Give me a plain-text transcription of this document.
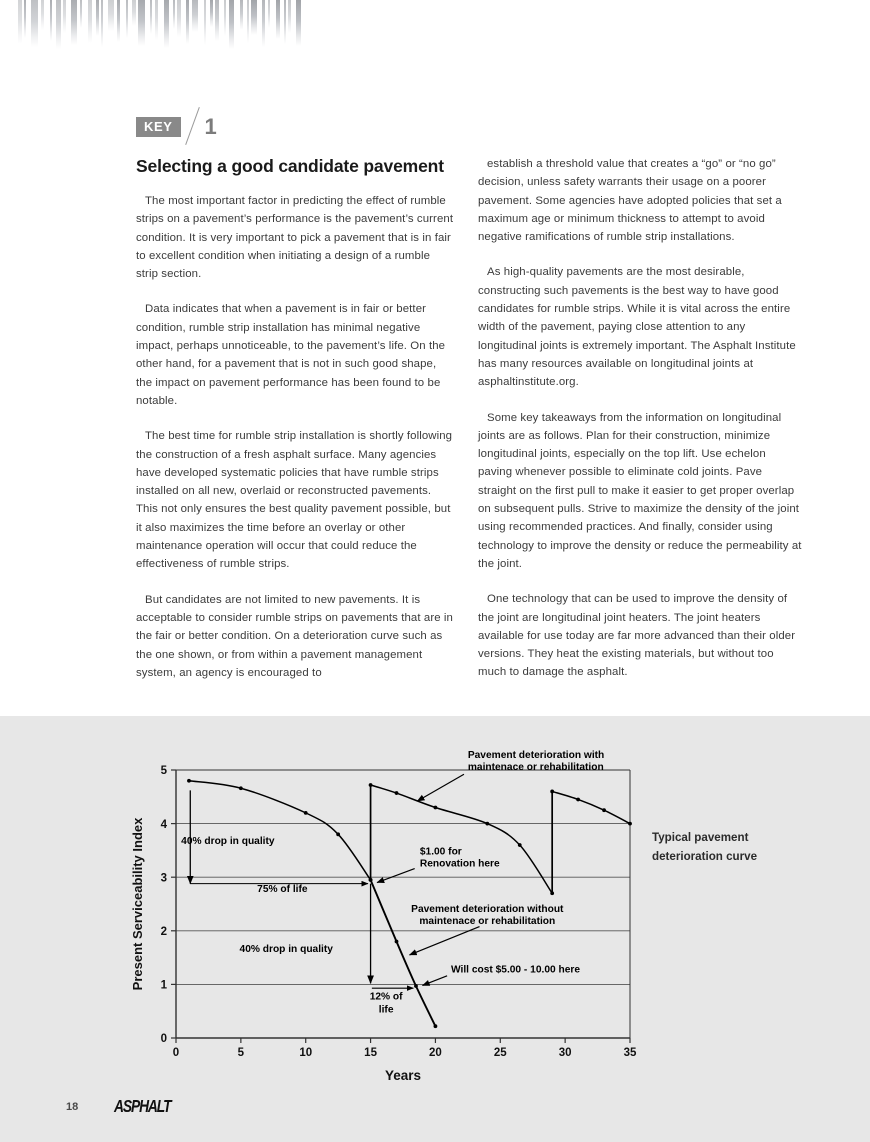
KEY	1
Selecting a good candidate pavement

The most important factor in predicting the effect of rumble strips on a pavement’s performance is the pavement’s current condition. It is very important to pick a pavement that is in fair to excellent condition when initiating a design of a rumble strip section.

Data indicates that when a pavement is in fair or better condition, rumble strip installation has minimal negative impact, perhaps unnoticeable, to the pavement’s life. On the other hand, for a pavement that is not in such good shape, the impact on pavement performance has been found to be notable.

The best time for rumble strip installation is shortly following the construction of a fresh asphalt surface. Many agencies have developed systematic policies that have rumble strips installed on all new, overlaid or reconstructed pavements. This not only ensures the best quality pavement possible, but it also maximizes the time before an overlay or other maintenance operation will occur that could reduce the effectiveness of rumble strips.

But candidates are not limited to new pavements. It is acceptable to consider rumble strips on pavements that are in the fair or better condition. On a deterioration curve such as the one shown, or from within a pavement management system, an agency is encouraged to

establish a threshold value that creates a “go” or “no go” decision, unless safety warrants their usage on a poorer pavement. Some agencies have adopted policies that set a maximum age or minimum thickness to attempt to avoid negative ramifications of rumble strip installations.

As high-quality pavements are the most desirable, constructing such pavements is the best way to have good candidates for rumble strips. While it is vital across the entire width of the pavement, paying close attention to any longitudinal joints is extremely important. The Asphalt Institute has many resources available on longitudinal joints at asphaltinstitute.org.

Some key takeaways from the information on longitudinal joints are as follows. Plan for their construction, minimize longitudinal joints, especially on the top lift. Use echelon paving whenever possible to eliminate cold joints. Pave straight on the first pull to make it easier to get proper overlap on subsequent pulls. Strive to maximize the density of the joint using recommended practices. And finally, consider using technology to improve the density or reduce the permeability at the joint.

One technology that can be used to improve the density of the joint are longitudinal joint heaters. The joint heaters available for use today are far more advanced than their older versions. They heat the existing materials, but without too much to damage the asphalt.

0
1
2
3
4
5
0	5	10	15	20	25	30	35
Years
Present Serviceability Index	40% drop in quality
75% of life
40% drop in quality
12% of
life
$1.00 for
Renovation here
Pavement deterioration with
maintenace or rehabilitation
Pavement deterioration without
maintenace or rehabilitation
Will cost $5.00 - 10.00 here
Typical pavement deterioration curve
18 ASPHALT
